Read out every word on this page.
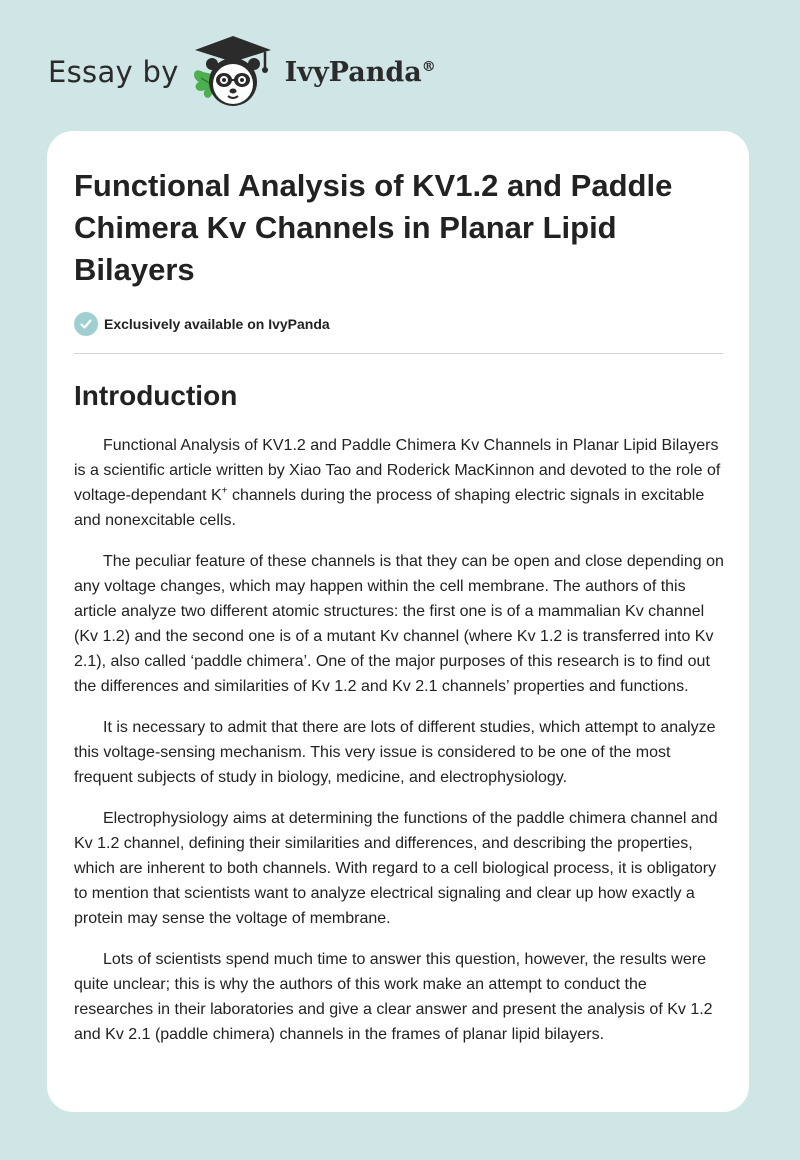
Essay by	IvyPanda®
Functional Analysis of KV1.2 and Paddle Chimera Kv Channels in Planar Lipid Bilayers
Exclusively available on IvyPanda
Introduction

Functional Analysis of KV1.2 and Paddle Chimera Kv Channels in Planar Lipid Bilayers is a scientific article written by Xiao Tao and Roderick MacKinnon and devoted to the role of voltage-dependant K+ channels during the process of shaping electric signals in excitable and nonexcitable cells.

The peculiar feature of these channels is that they can be open and close depending on any voltage changes, which may happen within the cell membrane. The authors of this article analyze two different atomic structures: the first one is of a mammalian Kv channel (Kv 1.2) and the second one is of a mutant Kv channel (where Kv 1.2 is transferred into Kv 2.1), also called ‘paddle chimera’. One of the major purposes of this research is to find out the differences and similarities of Kv 1.2 and Kv 2.1 channels’ properties and functions.

It is necessary to admit that there are lots of different studies, which attempt to analyze this voltage-sensing mechanism. This very issue is considered to be one of the most frequent subjects of study in biology, medicine, and electrophysiology.

Electrophysiology aims at determining the functions of the paddle chimera channel and Kv 1.2 channel, defining their similarities and differences, and describing the properties, which are inherent to both channels. With regard to a cell biological process, it is obligatory to mention that scientists want to analyze electrical signaling and clear up how exactly a protein may sense the voltage of membrane.

Lots of scientists spend much time to answer this question, however, the results were quite unclear; this is why the authors of this work make an attempt to conduct the researches in their laboratories and give a clear answer and present the analysis of Kv 1.2 and Kv 2.1 (paddle chimera) channels in the frames of planar lipid bilayers.
